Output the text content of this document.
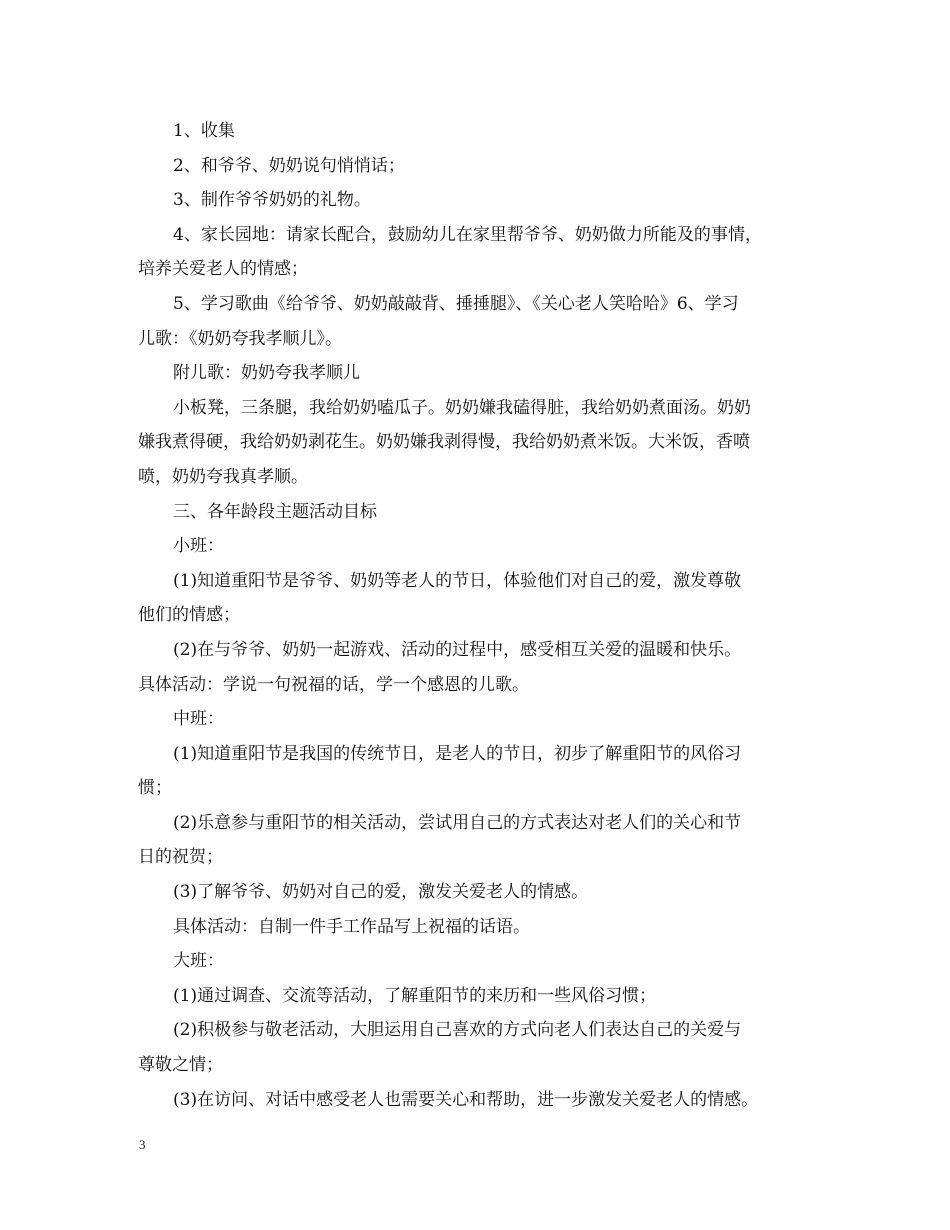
1、收集

2、和爷爷、奶奶说句悄悄话；

3、制作爷爷奶奶的礼物。

4、家长园地：请家长配合，鼓励幼儿在家里帮爷爷、奶奶做力所能及的事情，

培养关爱老人的情感；

5、学习歌曲《给爷爷、奶奶敲敲背、捶捶腿》、《关心老人笑哈哈》6、学习

儿歌：《奶奶夸我孝顺儿》。

附儿歌：奶奶夸我孝顺儿

小板凳，三条腿，我给奶奶嗑瓜子。奶奶嫌我磕得脏，我给奶奶煮面汤。奶奶

嫌我煮得硬，我给奶奶剥花生。奶奶嫌我剥得慢，我给奶奶煮米饭。大米饭，香喷

喷，奶奶夸我真孝顺。

三、各年龄段主题活动目标

小班：

(1)知道重阳节是爷爷、奶奶等老人的节日，体验他们对自己的爱，激发尊敬

他们的情感；

(2)在与爷爷、奶奶一起游戏、活动的过程中，感受相互关爱的温暖和快乐。

具体活动：学说一句祝福的话，学一个感恩的儿歌。

中班：

(1)知道重阳节是我国的传统节日，是老人的节日，初步了解重阳节的风俗习

惯；

(2)乐意参与重阳节的相关活动，尝试用自己的方式表达对老人们的关心和节

日的祝贺；

(3)了解爷爷、奶奶对自己的爱，激发关爱老人的情感。

具体活动：自制一件手工作品写上祝福的话语。

大班：

(1)通过调查、交流等活动，了解重阳节的来历和一些风俗习惯；

(2)积极参与敬老活动，大胆运用自己喜欢的方式向老人们表达自己的关爱与

尊敬之情；

(3)在访问、对话中感受老人也需要关心和帮助，进一步激发关爱老人的情感。

3
